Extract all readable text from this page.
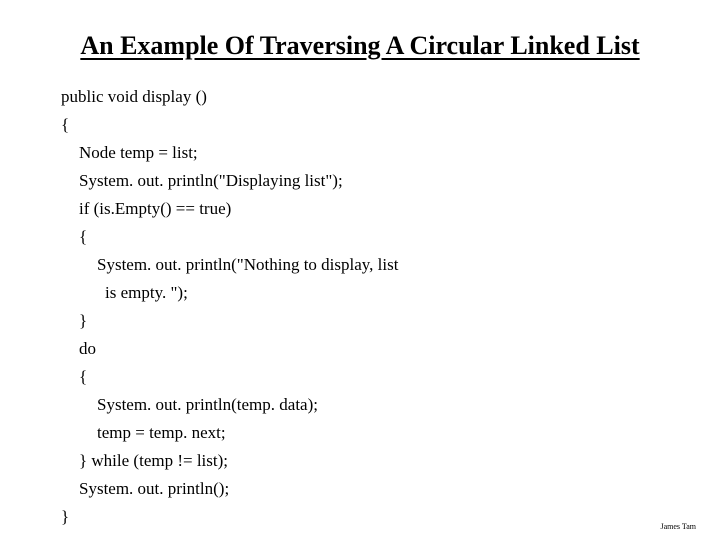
An Example Of Traversing A Circular Linked List
public void display ()
{
Node temp = list;
System. out. println("Displaying list");
if (is.Empty() == true)
{
System. out. println("Nothing to display, list
is empty. ");
}
do
{
System. out. println(temp. data);
temp = temp. next;
} while (temp != list);
System. out. println();
}
James Tam
